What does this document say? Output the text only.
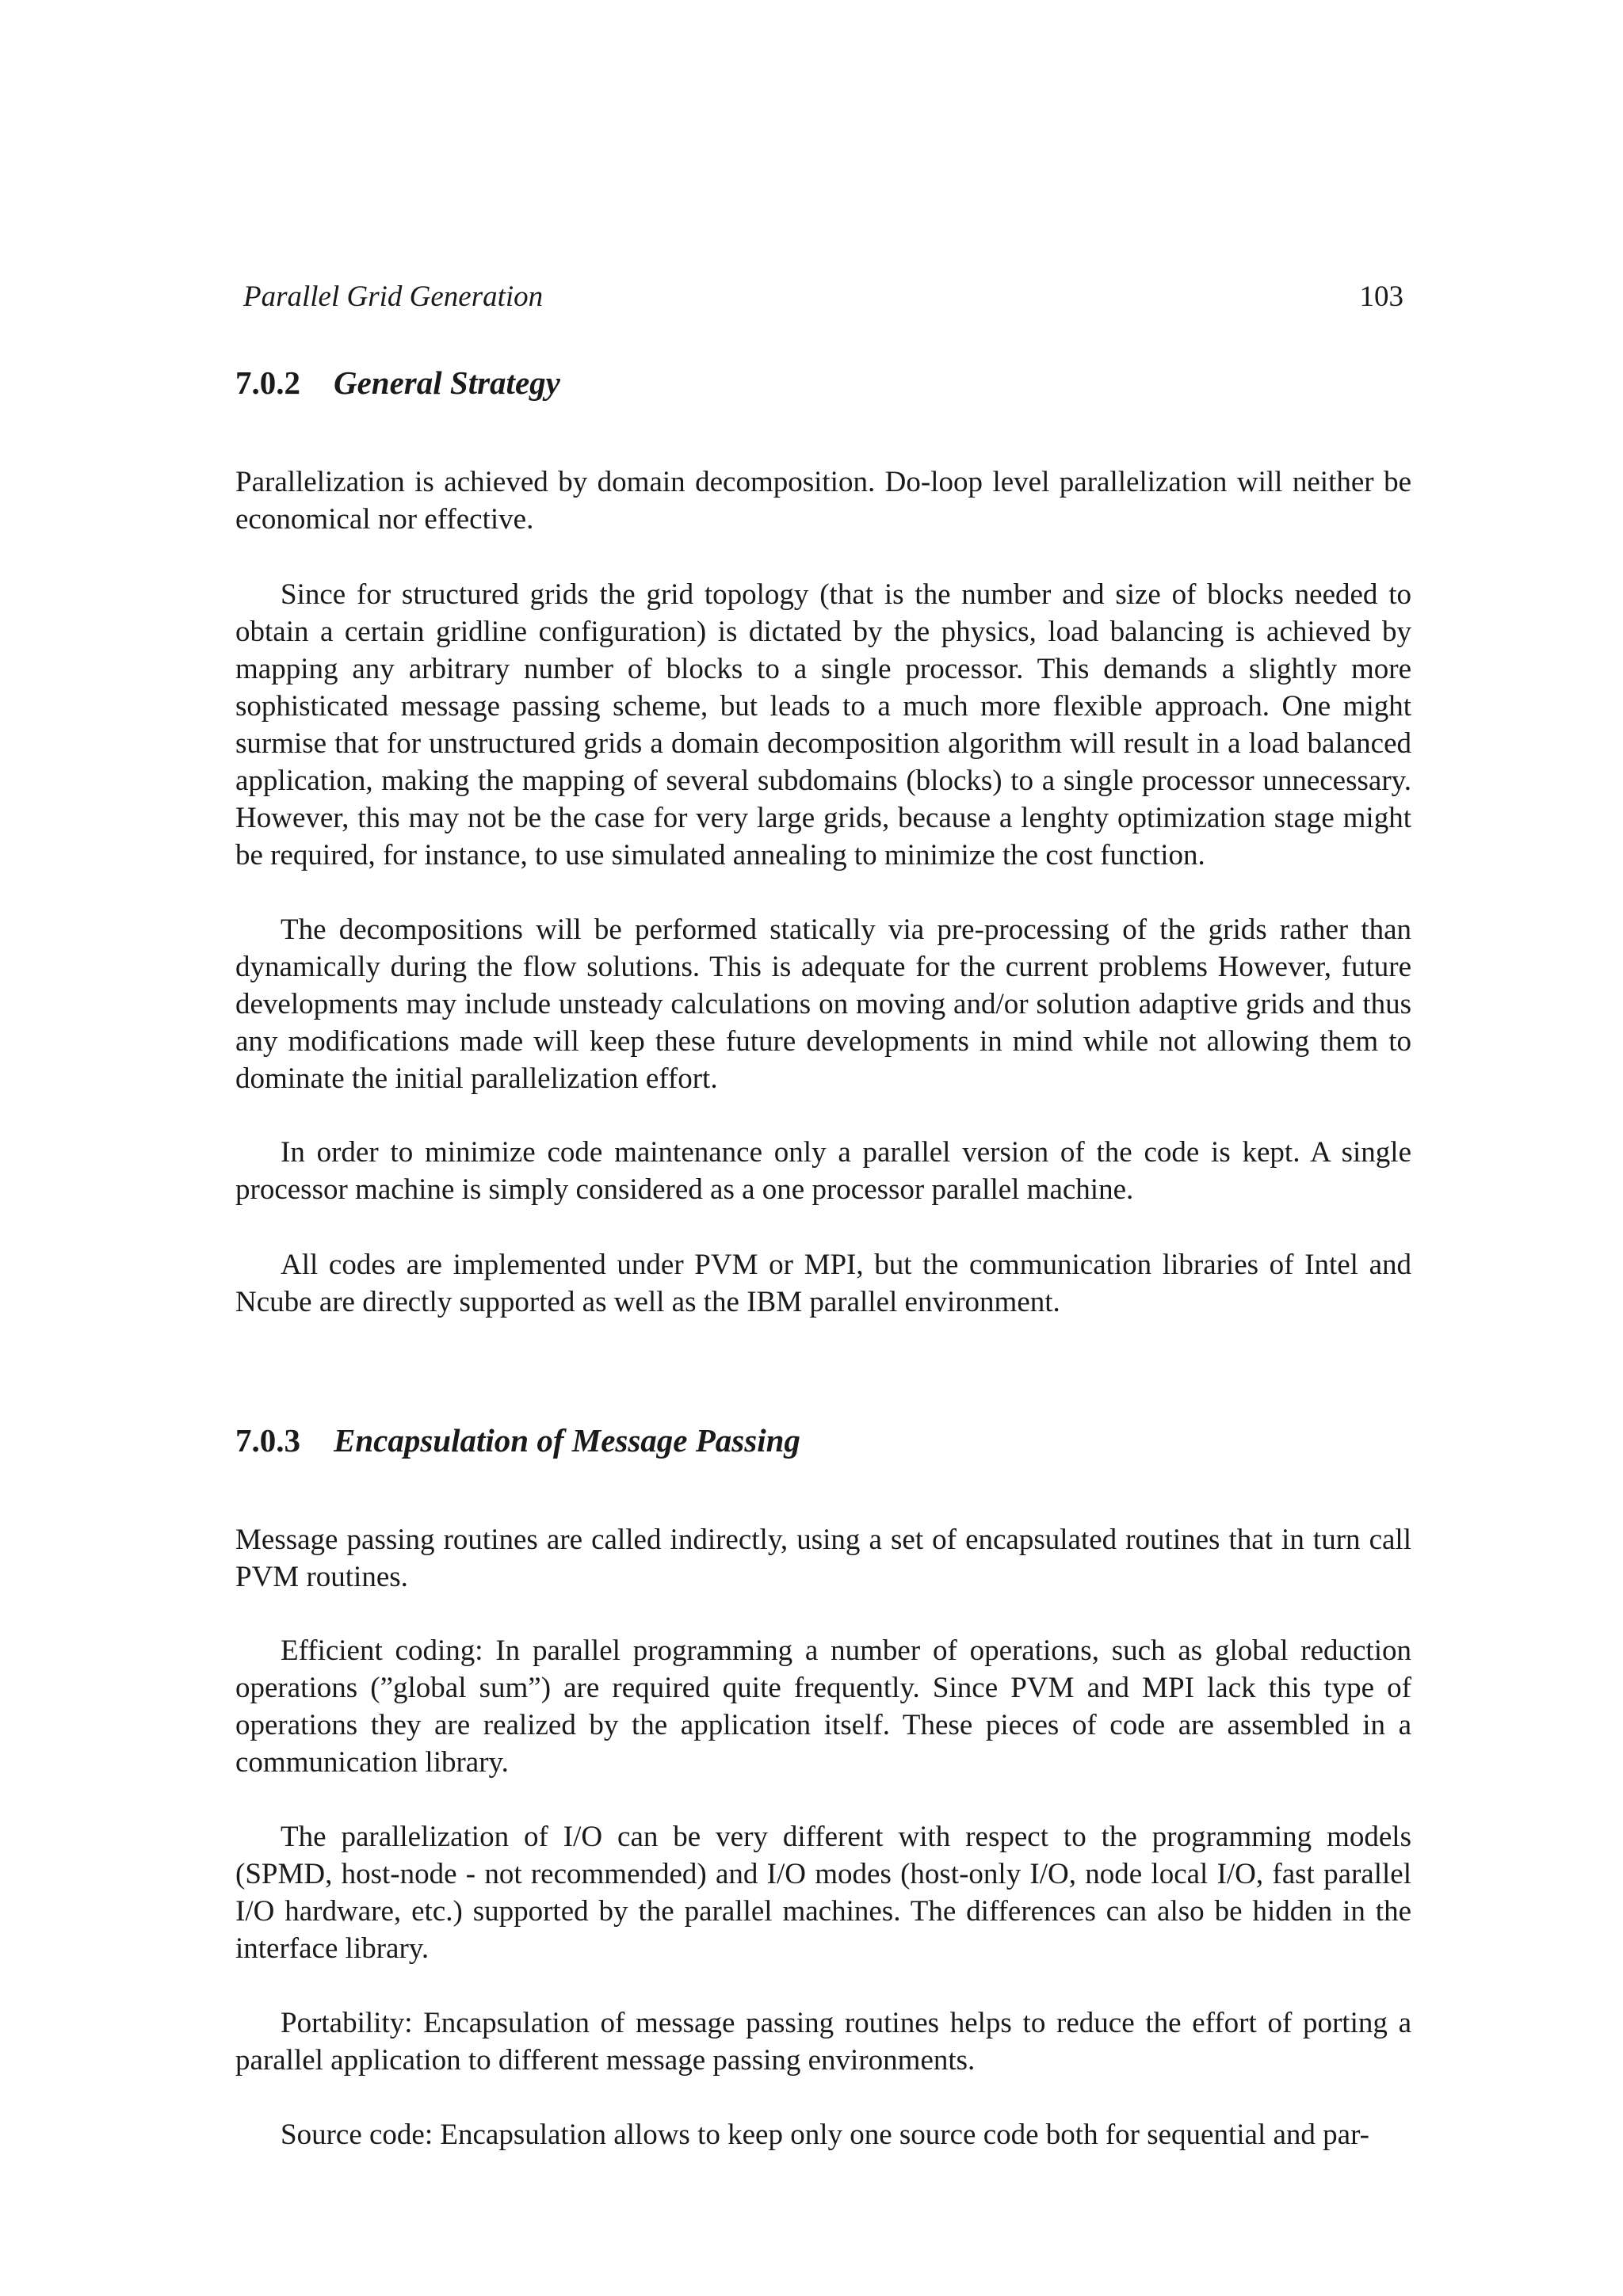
Parallel Grid Generation	103
7.0.2 General Strategy

Parallelization is achieved by domain decomposition. Do-loop level parallelization will neither be economical nor effective.

Since for structured grids the grid topology (that is the number and size of blocks needed to obtain a certain gridline configuration) is dictated by the physics, load balancing is achieved by mapping any arbitrary number of blocks to a single processor. This demands a slightly more sophisticated message passing scheme, but leads to a much more flexible approach. One might surmise that for unstructured grids a domain decomposition algorithm will result in a load balanced application, making the mapping of several subdomains (blocks) to a single processor unnecessary. However, this may not be the case for very large grids, because a lenghty optimization stage might be required, for instance, to use simulated annealing to minimize the cost function.

The decompositions will be performed statically via pre-processing of the grids rather than dynamically during the flow solutions. This is adequate for the current problems However, future developments may include unsteady calculations on moving and/or solution adaptive grids and thus any modifications made will keep these future developments in mind while not allowing them to dominate the initial parallelization effort.

In order to minimize code maintenance only a parallel version of the code is kept. A single processor machine is simply considered as a one processor parallel machine.

All codes are implemented under PVM or MPI, but the communication libraries of Intel and Ncube are directly supported as well as the IBM parallel environment.

7.0.3 Encapsulation of Message Passing

Message passing routines are called indirectly, using a set of encapsulated routines that in turn call PVM routines.

Efficient coding: In parallel programming a number of operations, such as global reduction operations (”global sum”) are required quite frequently. Since PVM and MPI lack this type of operations they are realized by the application itself. These pieces of code are assembled in a communication library.

The parallelization of I/O can be very different with respect to the programming models (SPMD, host-node - not recommended) and I/O modes (host-only I/O, node local I/O, fast parallel I/O hardware, etc.) supported by the parallel machines. The differences can also be hidden in the interface library.

Portability: Encapsulation of message passing routines helps to reduce the effort of porting a parallel application to different message passing environments.

Source code: Encapsulation allows to keep only one source code both for sequential and par-
